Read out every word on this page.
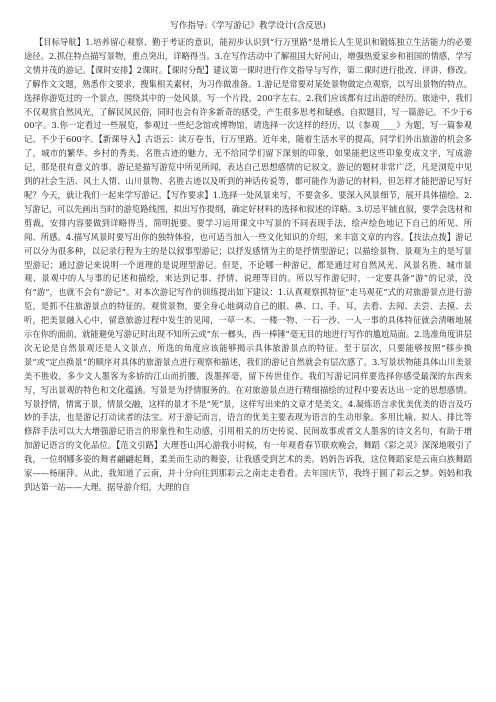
写作指导:《学写游记》教学设计(含反思)
【目标导航】1.培养留心观察、勤于考证的意识，能初步认识到“行万里路”是增长人生见识和锻炼独立生活能力的必要途径。2.抓住特点描写景物，重点突出，详略得当。3.在写作活动中了解祖国大好河山，增强热爱家乡和祖国的情感，学写文情并茂的游记。【课时安排】2课时。【课时分配】建议第一课时进行作文指导与写作，第二课时进行批改、评讲、修改。了解作文文题，熟悉作文要求，搜集相关素材，为习作做准备。1.游记是常要对某处景物做定点观察，以写出景物的特点。选择你游览过的一个景点，围绕其中的一处风景，写一个片段，200字左右。2.我们应该都有过出游的经历。旅途中，我们不仅观赏自然风光，了解民风民俗，同时也会有许多新奇的感受，产生很多思考和疑惑。自拟题目，写一篇游记。不少于600字。3.你一定看过一些展览，参观过一些纪念馆或博物馆，请选择一次这样的经历，以《参观____》为题，写一篇参观记。不少于600字。【新课导入】古语云：读万卷书，行万里路。近年来，随着生活水平的提高，同学们外出旅游的机会多了，城市的繁华、乡村的秀美、名胜古迹的魅力，无不给同学们留下深刻的印象，如果能把这些印象变成文字，写成游记，那是很有意义的事。游记是描写游览中所见所闻，表达自己思想感情的记叙文。游记的题材非常广泛，凡是浏览中见到的社会生活、风土人情、山川景物、名胜古迹以及听到的神话传说等，都可能作为游记的材料，但怎样才能把游记写好呢？今天，就让我们一起来学写游记。【写作要求】1.选择一处风景来写，不要贪多。要深入风景细节，展开具体描绘。2.写游记，可以先画出当时的游览路线图，拟出写作提纲，确定好材料的选择和叙述的详略。3.切忌平铺直叙，要学会选材和剪裁，安排内容要做到详略得当，简明扼要。要学习运用课文中写景的不同表现手法，绘声绘色地记下自己的所见、所闻、所感。4.描写风景时要写出你的独特体验，也可适当加入一些文化知识的介绍，来丰富文章的内容。【技法点拨】游记可以分为很多种，以记录行程为主的是以叙事型游记；以抒发感情为主的是抒情型游记；以描绘景物、景观为主的是写景型游记；通过游记来说明一个道理的是说理型游记。但是，不论哪一种游记，都是通过对自然风光、风景名胜、城市景观、景观中的人与事的记述和描绘，来达到记事、抒情、说理等目的。所以写作游记时，一定要具备“游”的记录，没有“游”，也就不会有“游记”。对本次游记写作的训练提出如下建议：1.认真观察抓特征“走马观花”式的对旅游景点进行游览，是抓不住旅游景点的特征的。观赏景物，要全身心地调动自己的眼、鼻、口、手、耳，去看、去闻、去尝、去摸、去听，把美景融入心中，留意旅游过程中发生的见闻，一草一木、一楼一物、一石一沙、一人一事的具体特征就会清晰地展示在你的面前，就能避免写游记时出现不知所云或“东一榔头，西一棒锤”毫无目的地进行写作的尴尬局面。2.选准角度讲层次无论是自然景观还是人文景点，所选的角度应该能够揭示具体旅游景点的特征。至于层次，只要能够按照“移步换景”或“定点换景”的顺序对具体的旅游景点进行观察和描述，我们的游记自然就会有层次感了。3.写景状物能具体山川美景美不胜收，多少文人墨客为多娇的江山而折腰，泼墨挥毫，留下传世佳作。我们写游记同样要选择你感受最深的东西来写，写出景观的特色和文化蕴涵。写景是为抒情服务的。在对旅游景点进行精细描绘的过程中要表达出一定的思想感情。写景抒情，情寓于景，情景交融，这样的景才不是“死”景，这样写出来的文章才是美文。4.凝炼语言求优美优美的语言及巧妙的手法，也是游记打动读者的法宝。对于游记而言，语言的优美主要表现为语言的生动形象。多用比喻、拟人、排比等修辞手法可以大大增强游记语言的形象性和生动感，引用相关的历史传说、民间故事或者文人墨客的诗文名句，有助于增加游记语言的文化品位。【范文引路】大理苍山洱心游我小时候，有一年观看春节联欢晚会，舞蹈《彩之灵》深深地吸引了我，一位纲娜多姿的舞者翩翩起舞，柔美而生动的舞姿，让我感受到艺术的美。妈妈告诉我，这位舞蹈家是云南白族舞蹈家——杨丽萍。从此，我知道了云南，并十分向往到那彩云之南走走看看。去年国庆节，我终于圆了彩云之梦。妈妈和我到达第一站——大理。据导游介绍，大理的自
